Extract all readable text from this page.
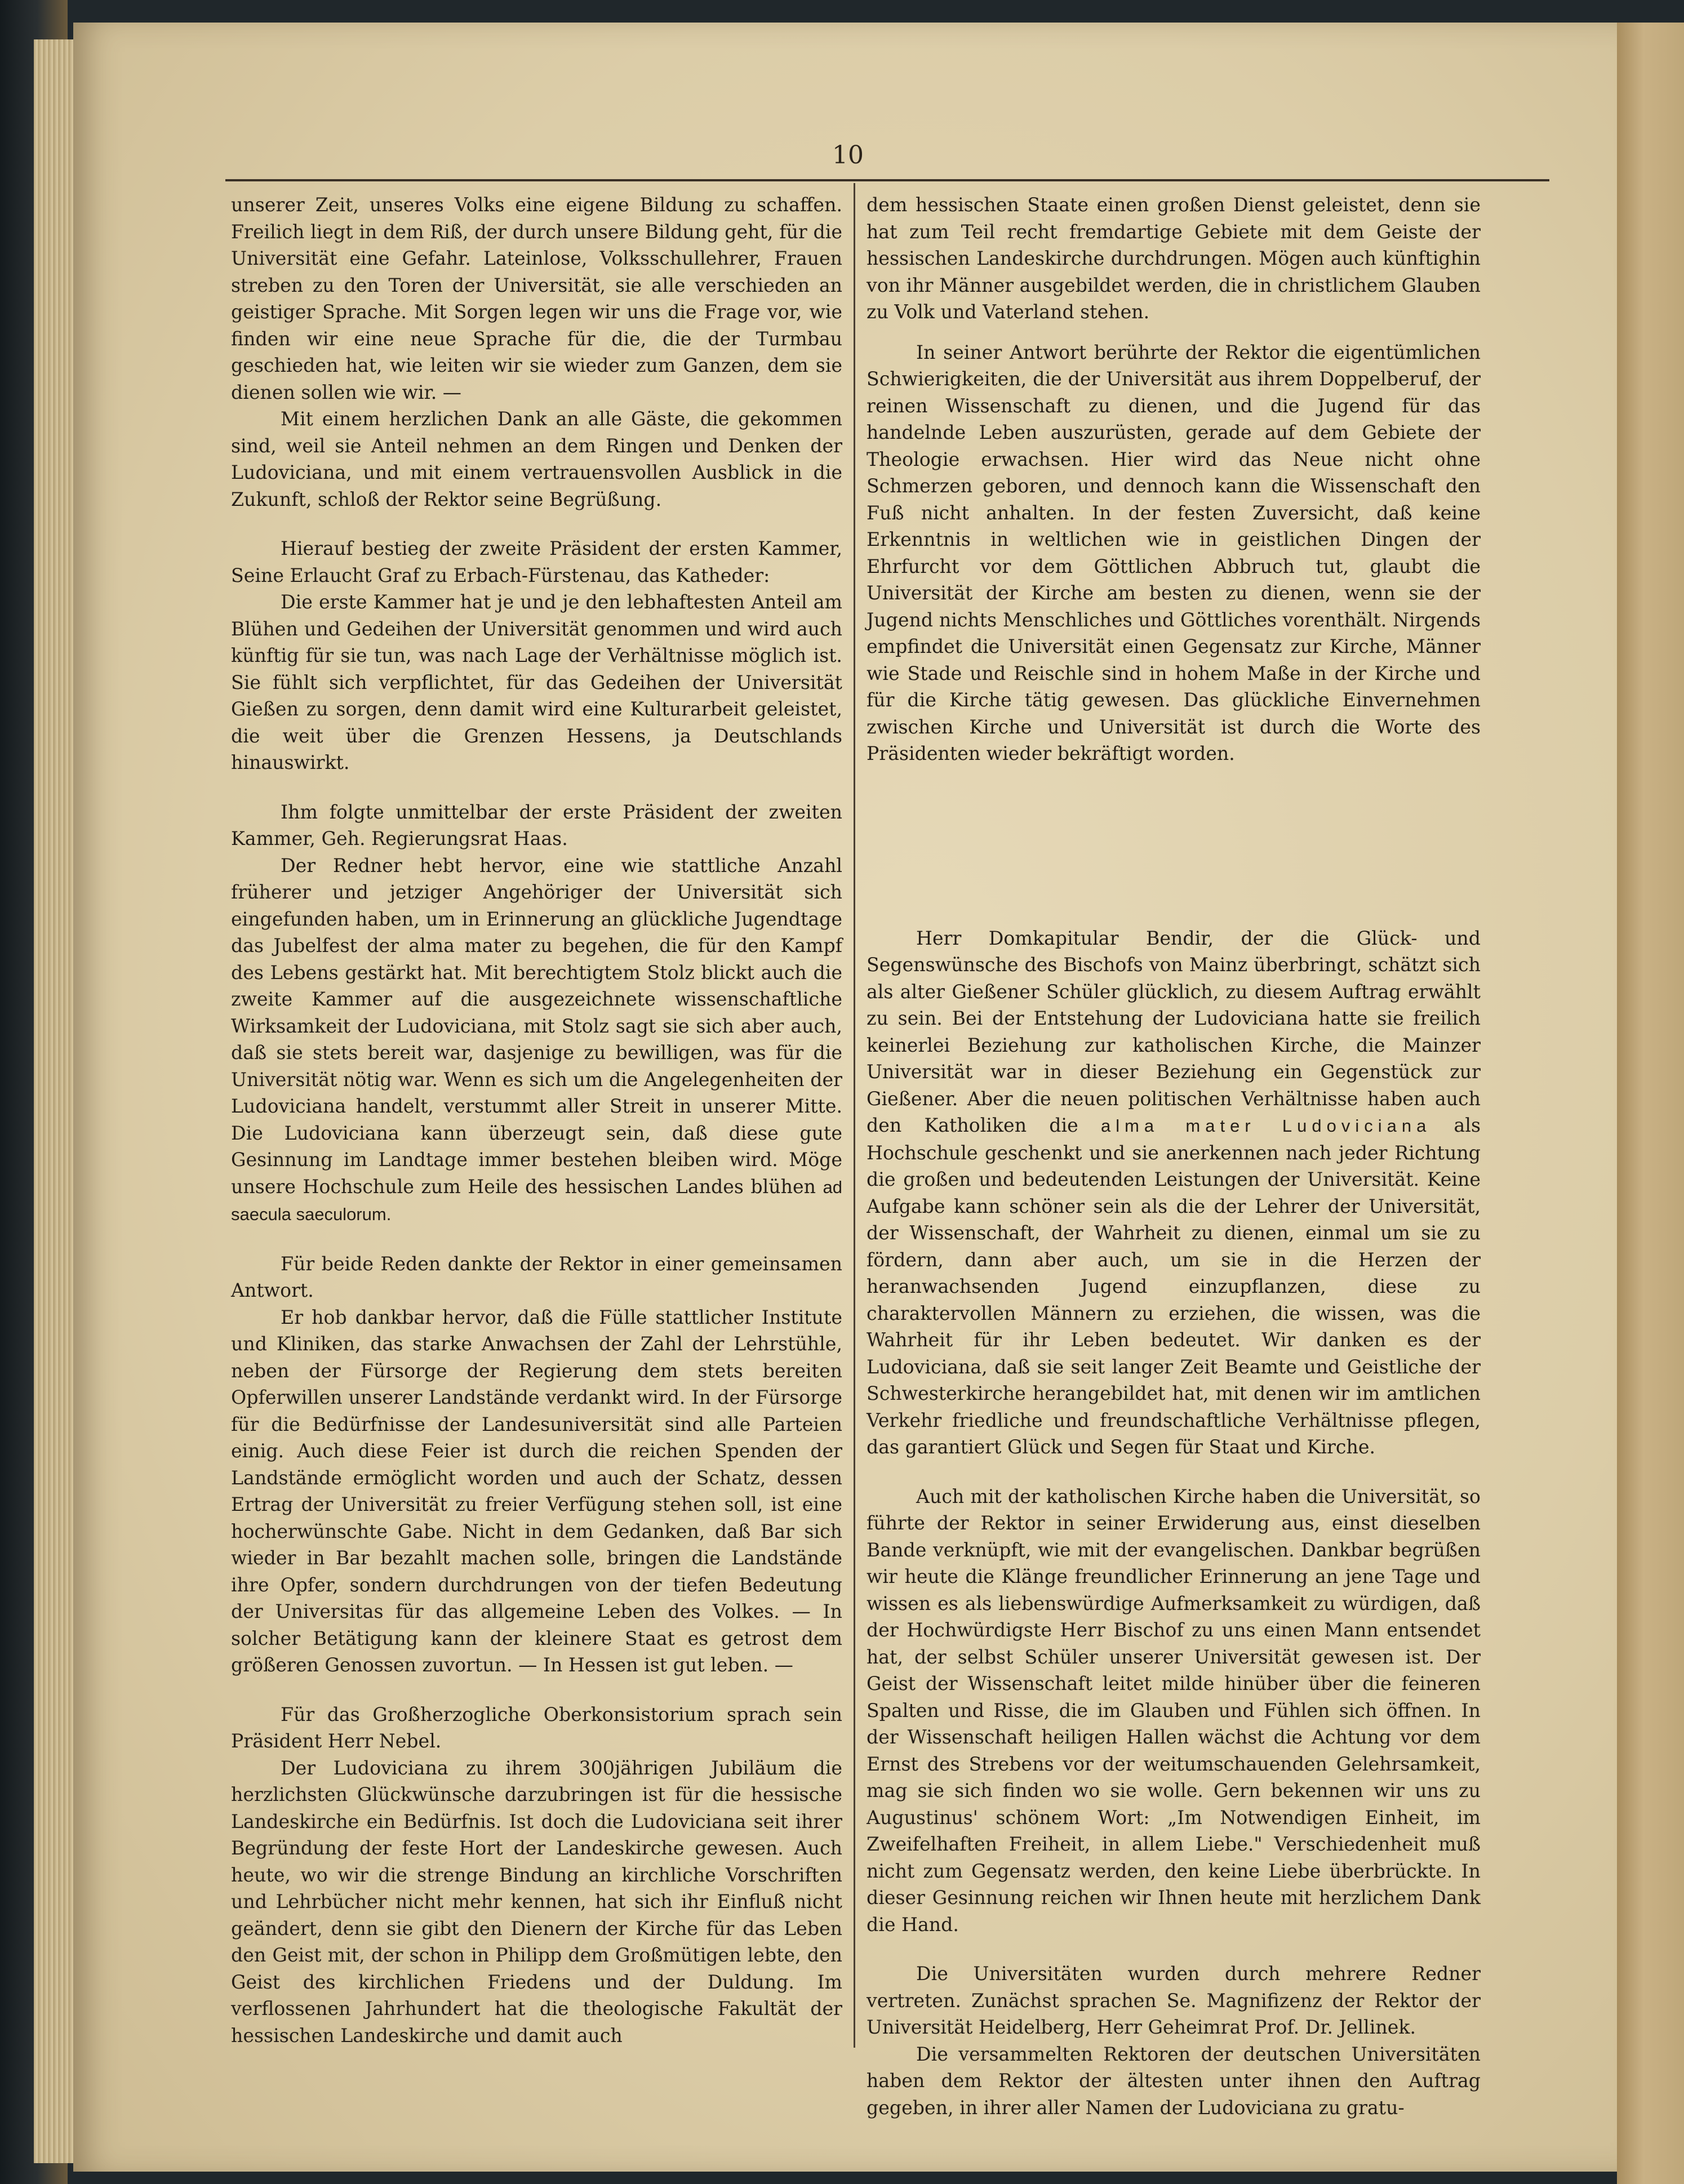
10

unserer Zeit, unseres Volks eine eigene Bildung zu schaffen. Freilich liegt in dem Riß, der durch unsere Bildung geht, für die Universität eine Gefahr. Lateinlose, Volksschullehrer, Frauen streben zu den Toren der Universität, sie alle verschieden an geistiger Sprache. Mit Sorgen legen wir uns die Frage vor, wie finden wir eine neue Sprache für die, die der Turmbau geschieden hat, wie leiten wir sie wieder zum Ganzen, dem sie dienen sollen wie wir. —

Mit einem herzlichen Dank an alle Gäste, die gekommen sind, weil sie Anteil nehmen an dem Ringen und Denken der Ludoviciana, und mit einem vertrauensvollen Ausblick in die Zukunft, schloß der Rektor seine Begrüßung.

Hierauf bestieg der zweite Präsident der ersten Kammer, Seine Erlaucht Graf zu Erbach-Fürstenau, das Katheder:

Die erste Kammer hat je und je den lebhaftesten Anteil am Blühen und Gedeihen der Universität genommen und wird auch künftig für sie tun, was nach Lage der Verhältnisse möglich ist. Sie fühlt sich verpflichtet, für das Gedeihen der Universität Gießen zu sorgen, denn damit wird eine Kulturarbeit geleistet, die weit über die Grenzen Hessens, ja Deutschlands hinauswirkt.

Ihm folgte unmittelbar der erste Präsident der zweiten Kammer, Geh. Regierungsrat Haas.

Der Redner hebt hervor, eine wie stattliche Anzahl früherer und jetziger Angehöriger der Universität sich eingefunden haben, um in Erinnerung an glückliche Jugendtage das Jubelfest der alma mater zu begehen, die für den Kampf des Lebens gestärkt hat. Mit berechtigtem Stolz blickt auch die zweite Kammer auf die ausgezeichnete wissenschaftliche Wirksamkeit der Ludoviciana, mit Stolz sagt sie sich aber auch, daß sie stets bereit war, dasjenige zu bewilligen, was für die Universität nötig war. Wenn es sich um die Angelegenheiten der Ludoviciana handelt, verstummt aller Streit in unserer Mitte. Die Ludoviciana kann überzeugt sein, daß diese gute Gesinnung im Landtage immer bestehen bleiben wird. Möge unsere Hochschule zum Heile des hessischen Landes blühen ad saecula saeculorum.

Für beide Reden dankte der Rektor in einer gemeinsamen Antwort.

Er hob dankbar hervor, daß die Fülle stattlicher Institute und Kliniken, das starke Anwachsen der Zahl der Lehrstühle, neben der Fürsorge der Regierung dem stets bereiten Opferwillen unserer Landstände verdankt wird. In der Fürsorge für die Bedürfnisse der Landesuniversität sind alle Parteien einig. Auch diese Feier ist durch die reichen Spenden der Landstände ermöglicht worden und auch der Schatz, dessen Ertrag der Universität zu freier Verfügung stehen soll, ist eine hocherwünschte Gabe. Nicht in dem Gedanken, daß Bar sich wieder in Bar bezahlt machen solle, bringen die Landstände ihre Opfer, sondern durchdrungen von der tiefen Bedeutung der Universitas für das allgemeine Leben des Volkes. — In solcher Betätigung kann der kleinere Staat es getrost dem größeren Genossen zuvortun. — In Hessen ist gut leben. —

Für das Großherzogliche Oberkonsistorium sprach sein Präsident Herr Nebel.

Der Ludoviciana zu ihrem 300jährigen Jubiläum die herzlichsten Glückwünsche darzubringen ist für die hessische Landeskirche ein Bedürfnis. Ist doch die Ludoviciana seit ihrer Begründung der feste Hort der Landeskirche gewesen. Auch heute, wo wir die strenge Bindung an kirchliche Vorschriften und Lehrbücher nicht mehr kennen, hat sich ihr Einfluß nicht geändert, denn sie gibt den Dienern der Kirche für das Leben den Geist mit, der schon in Philipp dem Großmütigen lebte, den Geist des kirchlichen Friedens und der Duldung. Im verflossenen Jahrhundert hat die theologische Fakultät der hessischen Landeskirche und damit auch

dem hessischen Staate einen großen Dienst geleistet, denn sie hat zum Teil recht fremdartige Gebiete mit dem Geiste der hessischen Landeskirche durchdrungen. Mögen auch künftighin von ihr Männer ausgebildet werden, die in christlichem Glauben zu Volk und Vaterland stehen.

In seiner Antwort berührte der Rektor die eigentümlichen Schwierigkeiten, die der Universität aus ihrem Doppelberuf, der reinen Wissenschaft zu dienen, und die Jugend für das handelnde Leben auszurüsten, gerade auf dem Gebiete der Theologie erwachsen. Hier wird das Neue nicht ohne Schmerzen geboren, und dennoch kann die Wissenschaft den Fuß nicht anhalten. In der festen Zuversicht, daß keine Erkenntnis in weltlichen wie in geistlichen Dingen der Ehrfurcht vor dem Göttlichen Abbruch tut, glaubt die Universität der Kirche am besten zu dienen, wenn sie der Jugend nichts Menschliches und Göttliches vorenthält. Nirgends empfindet die Universität einen Gegensatz zur Kirche, Männer wie Stade und Reischle sind in hohem Maße in der Kirche und für die Kirche tätig gewesen. Das glückliche Einvernehmen zwischen Kirche und Universität ist durch die Worte des Präsidenten wieder bekräftigt worden.

Herr Domkapitular Bendir, der die Glück- und Segenswünsche des Bischofs von Mainz überbringt, schätzt sich als alter Gießener Schüler glücklich, zu diesem Auftrag erwählt zu sein. Bei der Entstehung der Ludoviciana hatte sie freilich keinerlei Beziehung zur katholischen Kirche, die Mainzer Universität war in dieser Beziehung ein Gegenstück zur Gießener. Aber die neuen politischen Verhältnisse haben auch den Katholiken die alma mater Ludoviciana als Hochschule geschenkt und sie anerkennen nach jeder Richtung die großen und bedeutenden Leistungen der Universität. Keine Aufgabe kann schöner sein als die der Lehrer der Universität, der Wissenschaft, der Wahrheit zu dienen, einmal um sie zu fördern, dann aber auch, um sie in die Herzen der heranwachsenden Jugend einzupflanzen, diese zu charaktervollen Männern zu erziehen, die wissen, was die Wahrheit für ihr Leben bedeutet. Wir danken es der Ludoviciana, daß sie seit langer Zeit Beamte und Geistliche der Schwesterkirche herangebildet hat, mit denen wir im amtlichen Verkehr friedliche und freundschaftliche Verhältnisse pflegen, das garantiert Glück und Segen für Staat und Kirche.

Auch mit der katholischen Kirche haben die Universität, so führte der Rektor in seiner Erwiderung aus, einst dieselben Bande verknüpft, wie mit der evangelischen. Dankbar begrüßen wir heute die Klänge freundlicher Erinnerung an jene Tage und wissen es als liebenswürdige Aufmerksamkeit zu würdigen, daß der Hochwürdigste Herr Bischof zu uns einen Mann entsendet hat, der selbst Schüler unserer Universität gewesen ist. Der Geist der Wissenschaft leitet milde hinüber über die feineren Spalten und Risse, die im Glauben und Fühlen sich öffnen. In der Wissenschaft heiligen Hallen wächst die Achtung vor dem Ernst des Strebens vor der weitumschauenden Gelehrsamkeit, mag sie sich finden wo sie wolle. Gern bekennen wir uns zu Augustinus' schönem Wort: „Im Notwendigen Einheit, im Zweifelhaften Freiheit, in allem Liebe." Verschiedenheit muß nicht zum Gegensatz werden, den keine Liebe überbrückte. In dieser Gesinnung reichen wir Ihnen heute mit herzlichem Dank die Hand.

Die Universitäten wurden durch mehrere Redner vertreten. Zunächst sprachen Se. Magnifizenz der Rektor der Universität Heidelberg, Herr Geheimrat Prof. Dr. Jellinek.

Die versammelten Rektoren der deutschen Universitäten haben dem Rektor der ältesten unter ihnen den Auftrag gegeben, in ihrer aller Namen der Ludoviciana zu gratu-
